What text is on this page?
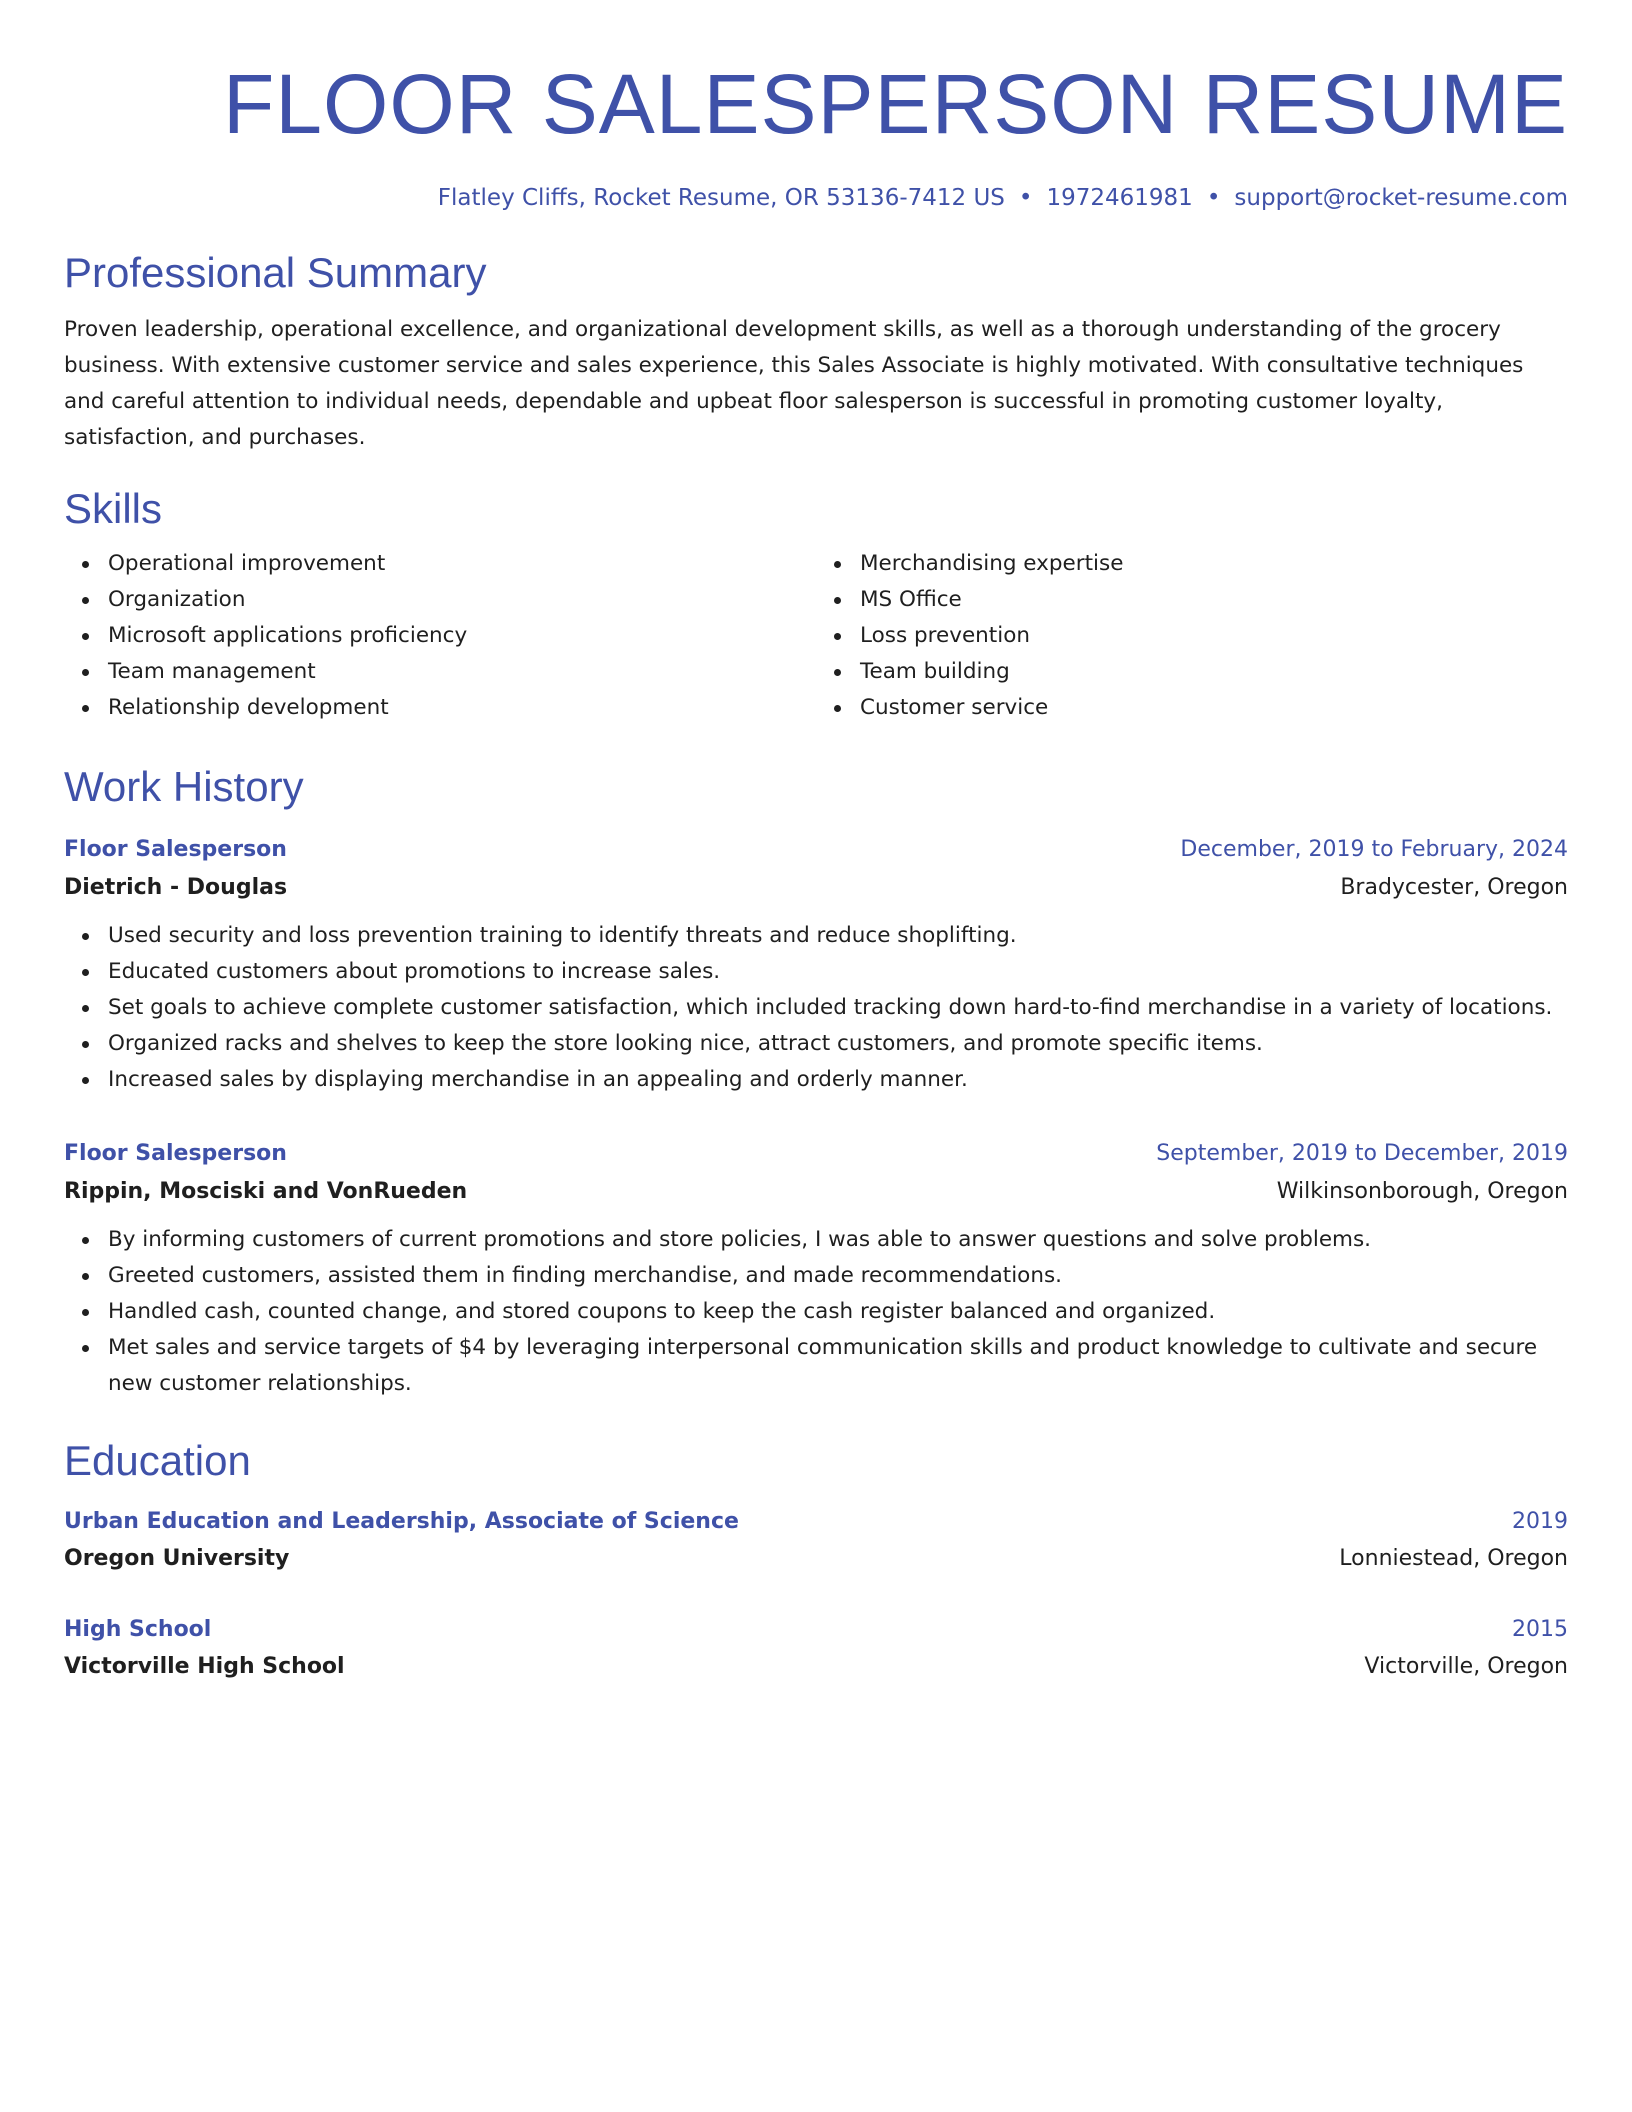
FLOOR SALESPERSON RESUME
Flatley Cliffs, Rocket Resume, OR 53136-7412 US • 1972461981 • support@rocket-resume.com
Professional Summary

Proven leadership, operational excellence, and organizational development skills, as well as a thorough understanding of the grocery business. With extensive customer service and sales experience, this Sales Associate is highly motivated. With consultative techniques and careful attention to individual needs, dependable and upbeat floor salesperson is successful in promoting customer loyalty, satisfaction, and purchases.

Skills
Operational improvement
Organization
Microsoft applications proficiency
Team management
Relationship development
Merchandising expertise
MS Office
Loss prevention
Team building
Customer service
Work History
Floor Salesperson	December, 2019 to February, 2024
Dietrich - Douglas	Bradycester, Oregon
Used security and loss prevention training to identify threats and reduce shoplifting.
Educated customers about promotions to increase sales.
Set goals to achieve complete customer satisfaction, which included tracking down hard-to-find merchandise in a variety of locations.
Organized racks and shelves to keep the store looking nice, attract customers, and promote specific items.
Increased sales by displaying merchandise in an appealing and orderly manner.
Floor Salesperson	September, 2019 to December, 2019
Rippin, Mosciski and VonRueden	Wilkinsonborough, Oregon
By informing customers of current promotions and store policies, I was able to answer questions and solve problems.
Greeted customers, assisted them in finding merchandise, and made recommendations.
Handled cash, counted change, and stored coupons to keep the cash register balanced and organized.
Met sales and service targets of $4 by leveraging interpersonal communication skills and product knowledge to cultivate and secure new customer relationships.
Education
Urban Education and Leadership, Associate of Science	2019
Oregon University	Lonniestead, Oregon
High School	2015
Victorville High School	Victorville, Oregon
